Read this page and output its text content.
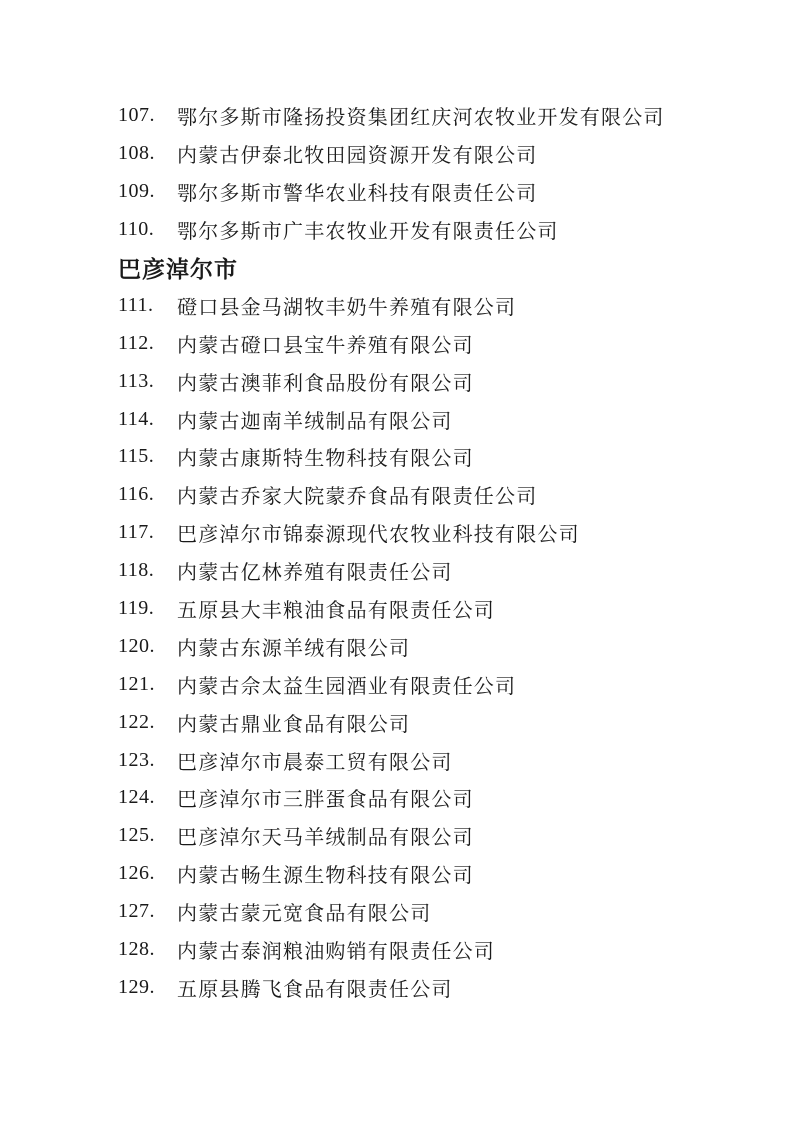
107.	鄂尔多斯市隆扬投资集团红庆河农牧业开发有限公司
108.	内蒙古伊泰北牧田园资源开发有限公司
109.	鄂尔多斯市警华农业科技有限责任公司
110.	鄂尔多斯市广丰农牧业开发有限责任公司
巴彦淖尔市
111.	磴口县金马湖牧丰奶牛养殖有限公司
112.	内蒙古磴口县宝牛养殖有限公司
113.	内蒙古澳菲利食品股份有限公司
114.	内蒙古迦南羊绒制品有限公司
115.	内蒙古康斯特生物科技有限公司
116.	内蒙古乔家大院蒙乔食品有限责任公司
117.	巴彦淖尔市锦泰源现代农牧业科技有限公司
118.	内蒙古亿林养殖有限责任公司
119.	五原县大丰粮油食品有限责任公司
120.	内蒙古东源羊绒有限公司
121.	内蒙古佘太益生园酒业有限责任公司
122.	内蒙古鼎业食品有限公司
123.	巴彦淖尔市晨泰工贸有限公司
124.	巴彦淖尔市三胖蛋食品有限公司
125.	巴彦淖尔天马羊绒制品有限公司
126.	内蒙古畅生源生物科技有限公司
127.	内蒙古蒙元宽食品有限公司
128.	内蒙古泰润粮油购销有限责任公司
129.	五原县腾飞食品有限责任公司
